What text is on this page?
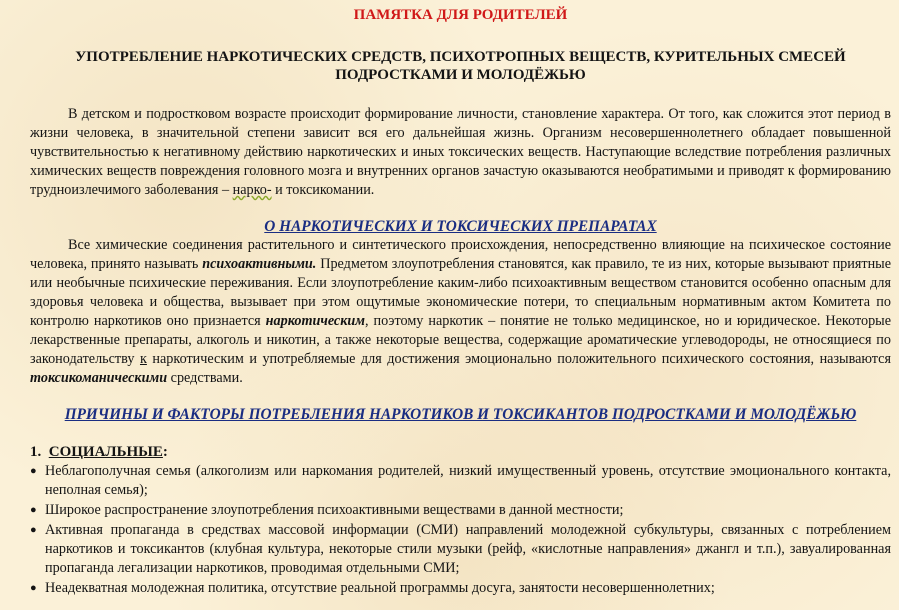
ПАМЯТКА ДЛЯ РОДИТЕЛЕЙ
УПОТРЕБЛЕНИЕ НАРКОТИЧЕСКИХ СРЕДСТВ, ПСИХОТРОПНЫХ ВЕЩЕСТВ, КУРИТЕЛЬНЫХ СМЕСЕЙ ПОДРОСТКАМИ И МОЛОДЁЖЬЮ

В детском и подростковом возрасте происходит формирование личности, становление характера. От того, как сложится этот период в жизни человека, в значительной степени зависит вся его дальнейшая жизнь. Организм несовершеннолетнего обладает повышенной чувствительностью к негативному действию наркотических и иных токсических веществ. Наступающие вследствие потребления различных химических веществ повреждения головного мозга и внутренних органов зачастую оказываются необратимыми и приводят к формированию трудноизлечимого заболевания – нарко- и токсикомании.

О НАРКОТИЧЕСКИХ И ТОКСИЧЕСКИХ ПРЕПАРАТАХ

Все химические соединения растительного и синтетического происхождения, непосредственно влияющие на психическое состояние человека, принято называть психоактивными. Предметом злоупотребления становятся, как правило, те из них, которые вызывают приятные или необычные психические переживания. Если злоупотребление каким-либо психоактивным веществом становится особенно опасным для здоровья человека и общества, вызывает при этом ощутимые экономические потери, то специальным нормативным актом Комитета по контролю наркотиков оно признается наркотическим, поэтому наркотик – понятие не только медицинское, но и юридическое. Некоторые лекарственные препараты, алкоголь и никотин, а также некоторые вещества, содержащие ароматические углеводороды, не относящиеся по законодательству к наркотическим и употребляемые для достижения эмоционально положительного психического состояния, называются токсикоманическими средствами.

ПРИЧИНЫ И ФАКТОРЫ ПОТРЕБЛЕНИЯ НАРКОТИКОВ И ТОКСИКАНТОВ ПОДРОСТКАМИ И МОЛОДЁЖЬЮ
1. СОЦИАЛЬНЫЕ:
● Неблагополучная семья (алкоголизм или наркомания родителей, низкий имущественный уровень, отсутствие эмоционального контакта, неполная семья);
● Широкое распространение злоупотребления психоактивными веществами в данной местности;
● Активная пропаганда в средствах массовой информации (СМИ) направлений молодежной субкультуры, связанных с потреблением наркотиков и токсикантов (клубная культура, некоторые стили музыки (рейф, «кислотные направления» джангл и т.п.), завуалированная пропаганда легализации наркотиков, проводимая отдельными СМИ;
● Неадекватная молодежная политика, отсутствие реальной программы досуга, занятости несовершеннолетних;
